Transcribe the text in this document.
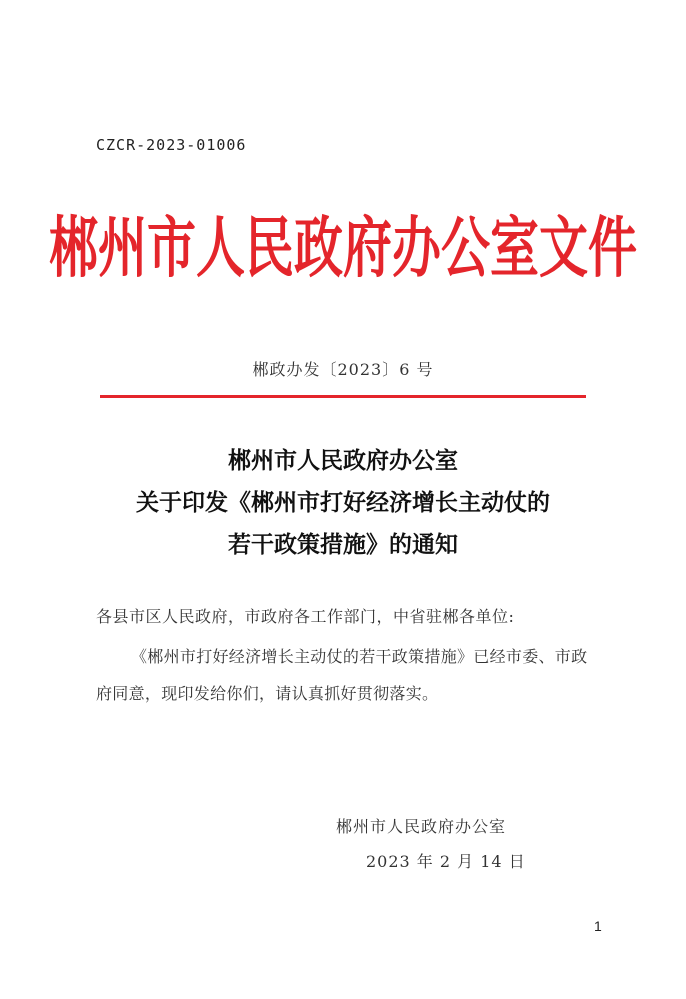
CZCR-2023-01006
郴州市人民政府办公室文件
郴政办发〔2023〕6 号
郴州市人民政府办公室
关于印发《郴州市打好经济增长主动仗的
若干政策措施》的通知
各县市区人民政府，市政府各工作部门，中省驻郴各单位:
《郴州市打好经济增长主动仗的若干政策措施》已经市委、市政府同意，现印发给你们，请认真抓好贯彻落实。
郴州市人民政府办公室
2023 年 2 月 14 日
1
